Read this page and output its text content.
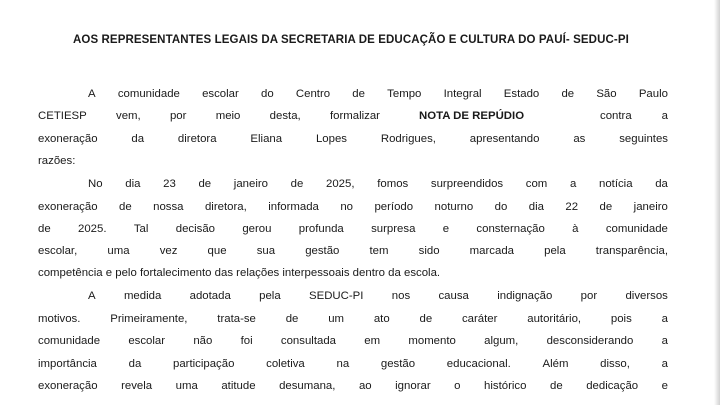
AOS REPRESENTANTES LEGAIS DA SECRETARIA DE EDUCAÇÃO E CULTURA DO PAUÍ- SEDUC-PI

A comunidade escolar do Centro de Tempo Integral Estado de São Paulo
CETIESP	vem,	por	meio	desta,	formalizar	NOTA DE REPÚDIO	contra	a
exoneração	da	diretora	Eliana	Lopes	Rodrigues,	apresentando	as	seguintes
razões:
No dia 23 de janeiro de 2025, fomos surpreendidos com a notícia da
exoneração de nossa diretora, informada no período noturno do dia 22 de janeiro
de 2025. Tal decisão gerou profunda surpresa e consternação à comunidade
escolar,	uma	vez	que	sua	gestão	tem	sido	marcada	pela	transparência,
competência e pelo fortalecimento das relações interpessoais dentro da escola.
A medida adotada pela SEDUC-PI nos causa indignação por diversos
motivos.	Primeiramente,	trata-se	de	um	ato	de	caráter	autoritário,	pois	a
comunidade escolar não foi consultada em momento algum, desconsiderando a
importância	da	participação	coletiva	na	gestão	educacional.	Além	disso,	a
exoneração revela uma atitude desumana, ao ignorar o histórico de dedicação e
